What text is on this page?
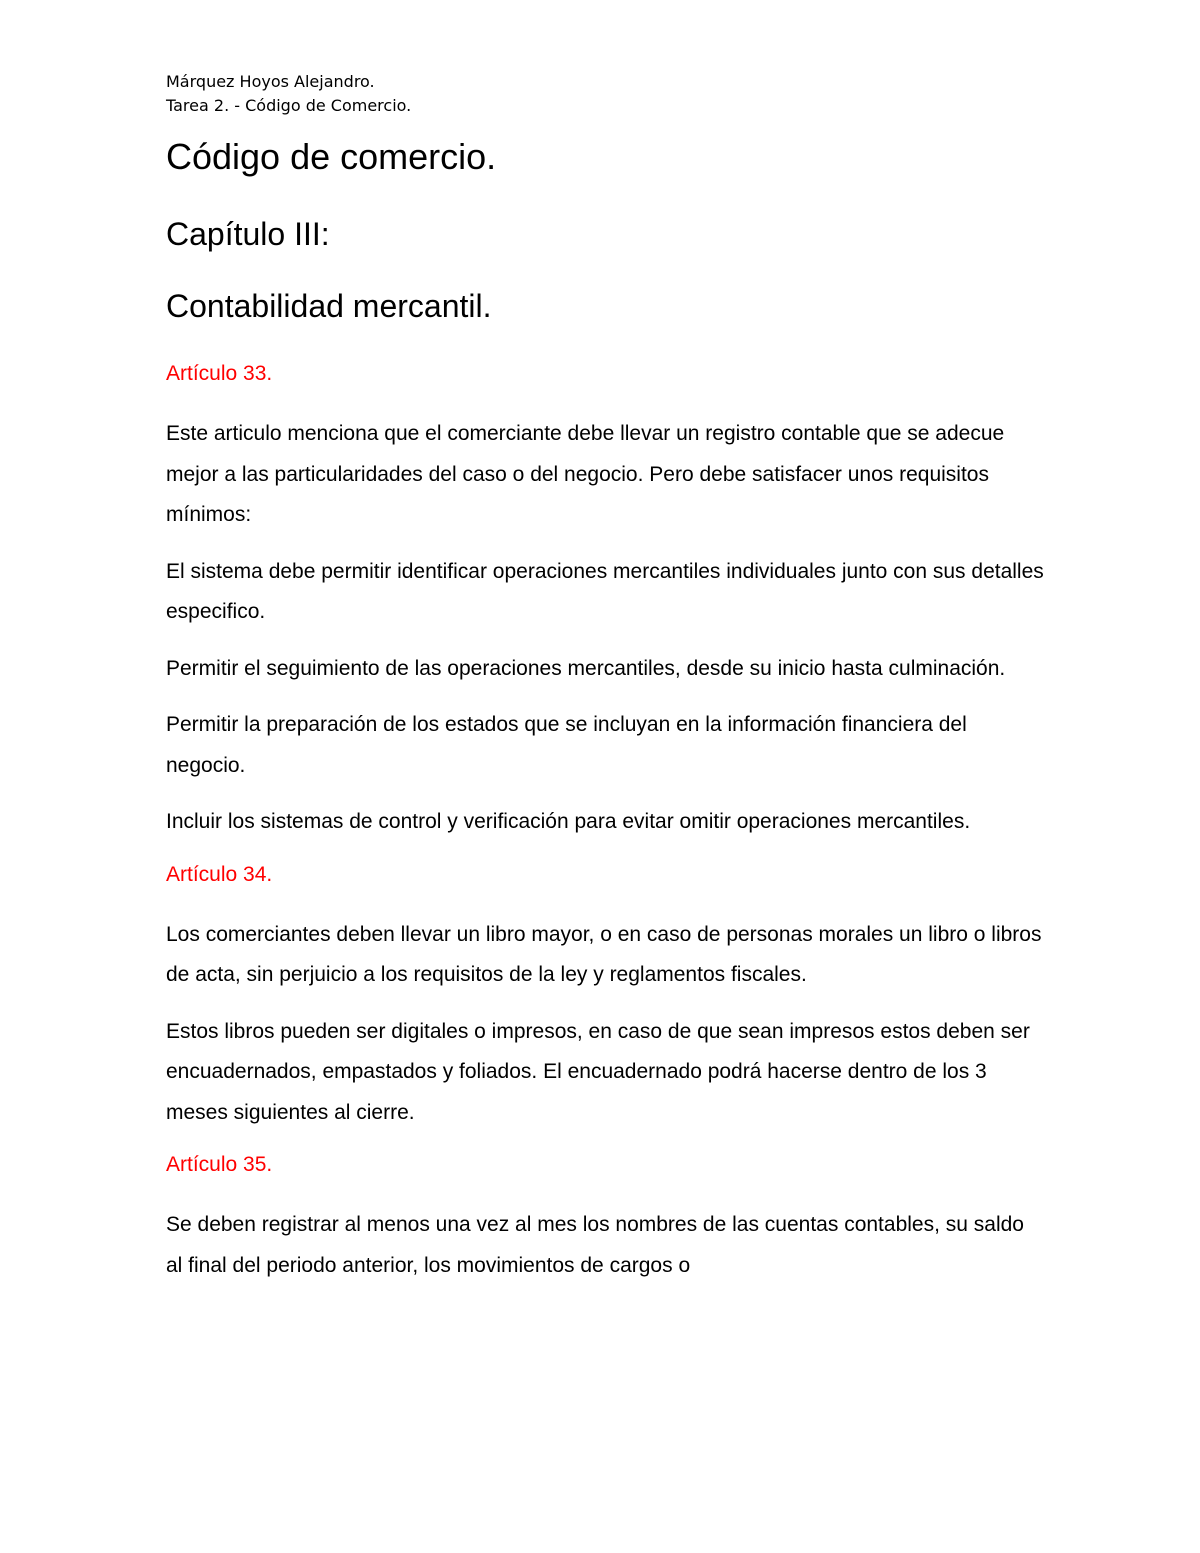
Márquez Hoyos Alejandro.

Tarea 2. - Código de Comercio.

Código de comercio.
Capítulo III:
Contabilidad mercantil.

Artículo 33.

Este articulo menciona que el comerciante debe llevar un registro contable que se adecue mejor a las particularidades del caso o del negocio. Pero debe satisfacer unos requisitos mínimos:

El sistema debe permitir identificar operaciones mercantiles individuales junto con sus detalles especifico.

Permitir el seguimiento de las operaciones mercantiles, desde su inicio hasta culminación.

Permitir la preparación de los estados que se incluyan en la información financiera del negocio.

Incluir los sistemas de control y verificación para evitar omitir operaciones mercantiles.

Artículo 34.

Los comerciantes deben llevar un libro mayor, o en caso de personas morales un libro o libros de acta, sin perjuicio a los requisitos de la ley y reglamentos fiscales.

Estos libros pueden ser digitales o impresos, en caso de que sean impresos estos deben ser encuadernados, empastados y foliados. El encuadernado podrá hacerse dentro de los 3 meses siguientes al cierre.

Artículo 35.

Se deben registrar al menos una vez al mes los nombres de las cuentas contables, su saldo al final del periodo anterior, los movimientos de cargos o
